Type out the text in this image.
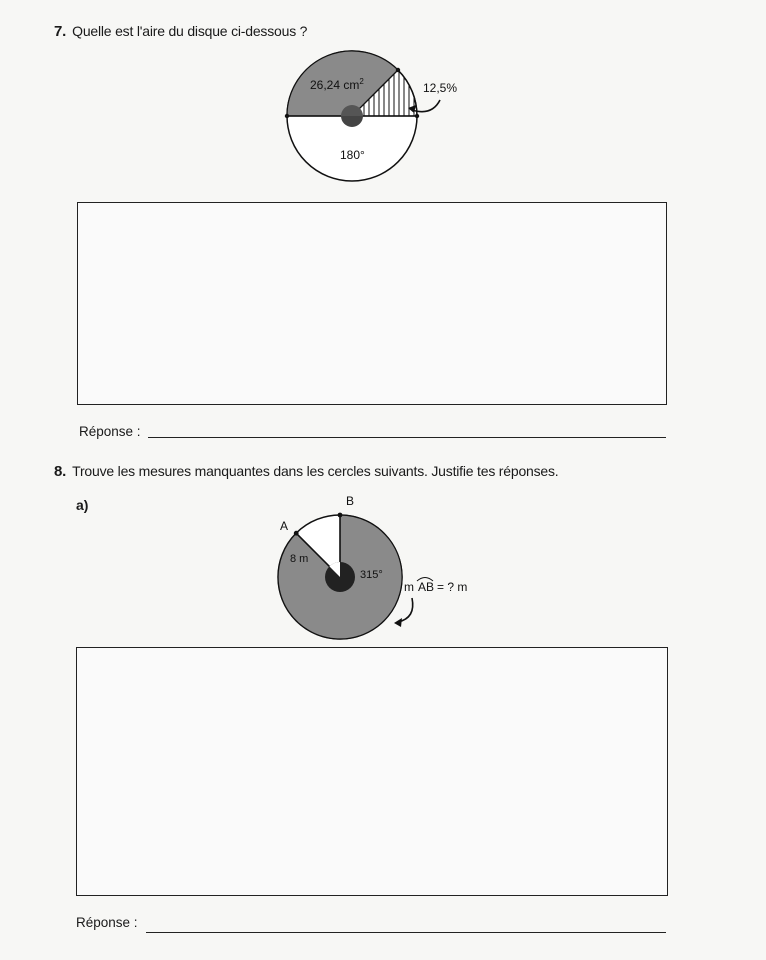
7. Quelle est l'aire du disque ci-dessous ?
26,24 $cm^2$	12,5%
180°
Réponse :
8. Trouve les mesures manquantes dans les cercles suivants. Justifie tes réponses.
a)
A
B
8 m
315°
m AB = ? m
Réponse :
